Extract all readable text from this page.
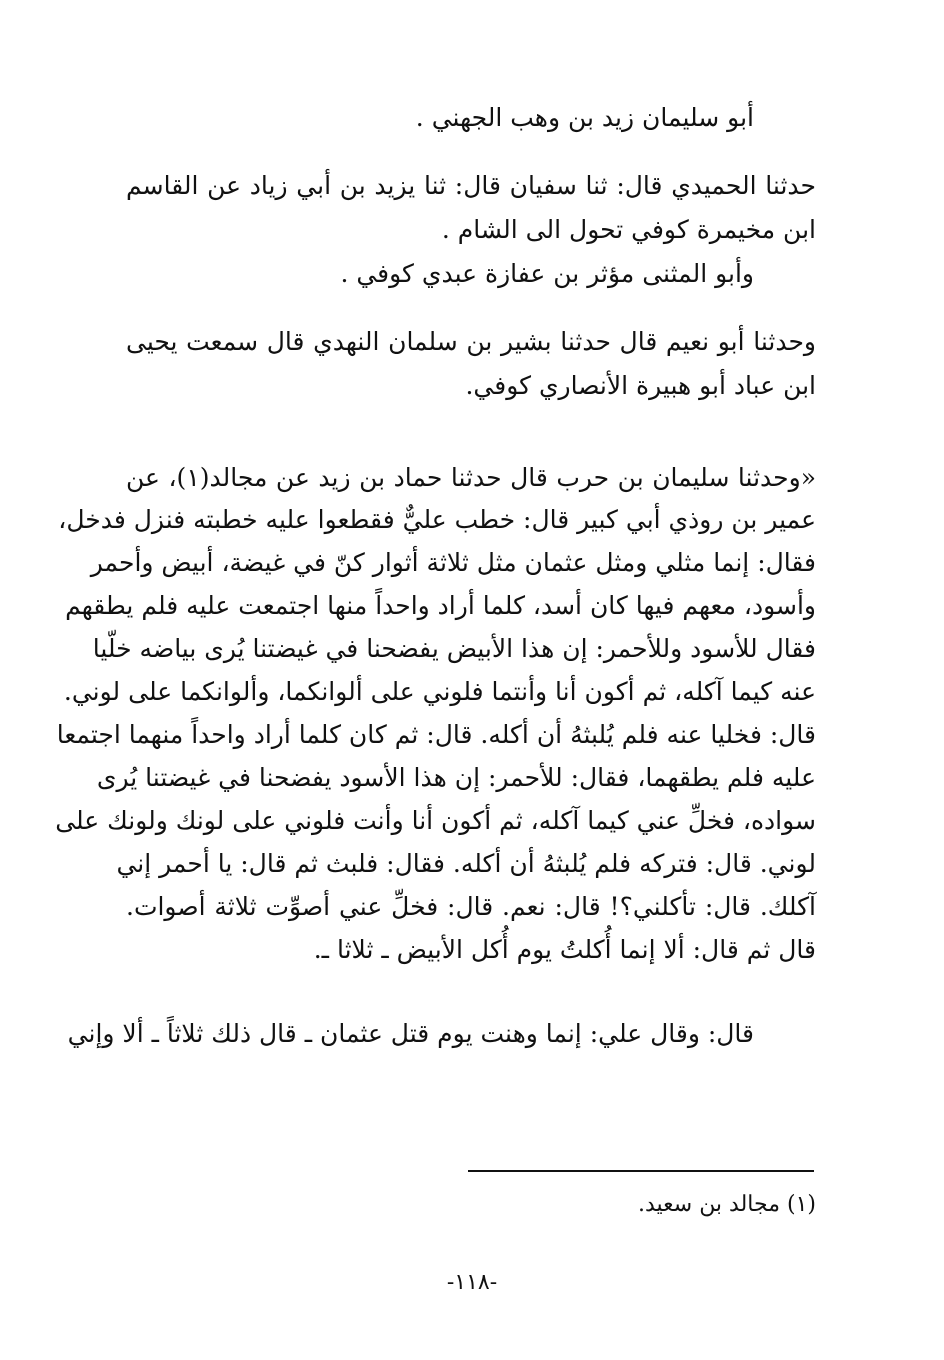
أبو سليمان زيد بن وهب الجهني .
حدثنا الحميدي قال: ثنا سفيان قال: ثنا يزيد بن أبي زياد عن القاسم
ابن مخيمرة كوفي تحول الى الشام .
وأبو المثنى مؤثر بن عفازة عبدي كوفي .
وحدثنا أبو نعيم قال حدثنا بشير بن سلمان النهدي قال سمعت يحيى
ابن عباد أبو هبيرة الأنصاري كوفي.
«وحدثنا سليمان بن حرب قال حدثنا حماد بن زيد عن مجالد(١)، عن
عمير بن روذي أبي كبير قال: خطب عليٌّ فقطعوا عليه خطبته فنزل فدخل،
فقال: إنما مثلي ومثل عثمان مثل ثلاثة أثوار كنّ في غيضة، أبيض وأحمر
وأسود، معهم فيها كان أسد، كلما أراد واحداً منها اجتمعت عليه فلم يطقهم
فقال للأسود وللأحمر: إن هذا الأبيض يفضحنا في غيضتنا يُرى بياضه خلّيا
عنه كيما آكله، ثم أكون أنا وأنتما فلوني على ألوانكما، وألوانكما على لوني.
قال: فخليا عنه فلم يُلبثهُ أن أكله. قال: ثم كان كلما أراد واحداً منهما اجتمعا
عليه فلم يطقهما، فقال: للأحمر: إن هذا الأسود يفضحنا في غيضتنا يُرى
سواده، فخلِّ عني كيما آكله، ثم أكون أنا وأنت فلوني على لونك ولونك على
لوني. قال: فتركه فلم يُلبثهُ أن أكله. فقال: فلبث ثم قال: يا أحمر إني
آكلك. قال: تأكلني؟! قال: نعم. قال: فخلِّ عني أصوِّت ثلاثة أصوات.
قال ثم قال: ألا إنما أُكلتُ يوم أُكل الأبيض ـ ثلاثا ـ.
قال: وقال علي: إنما وهنت يوم قتل عثمان ـ قال ذلك ثلاثاً ـ ألا وإني
(١) مجالد بن سعيد.
-١١٨-
